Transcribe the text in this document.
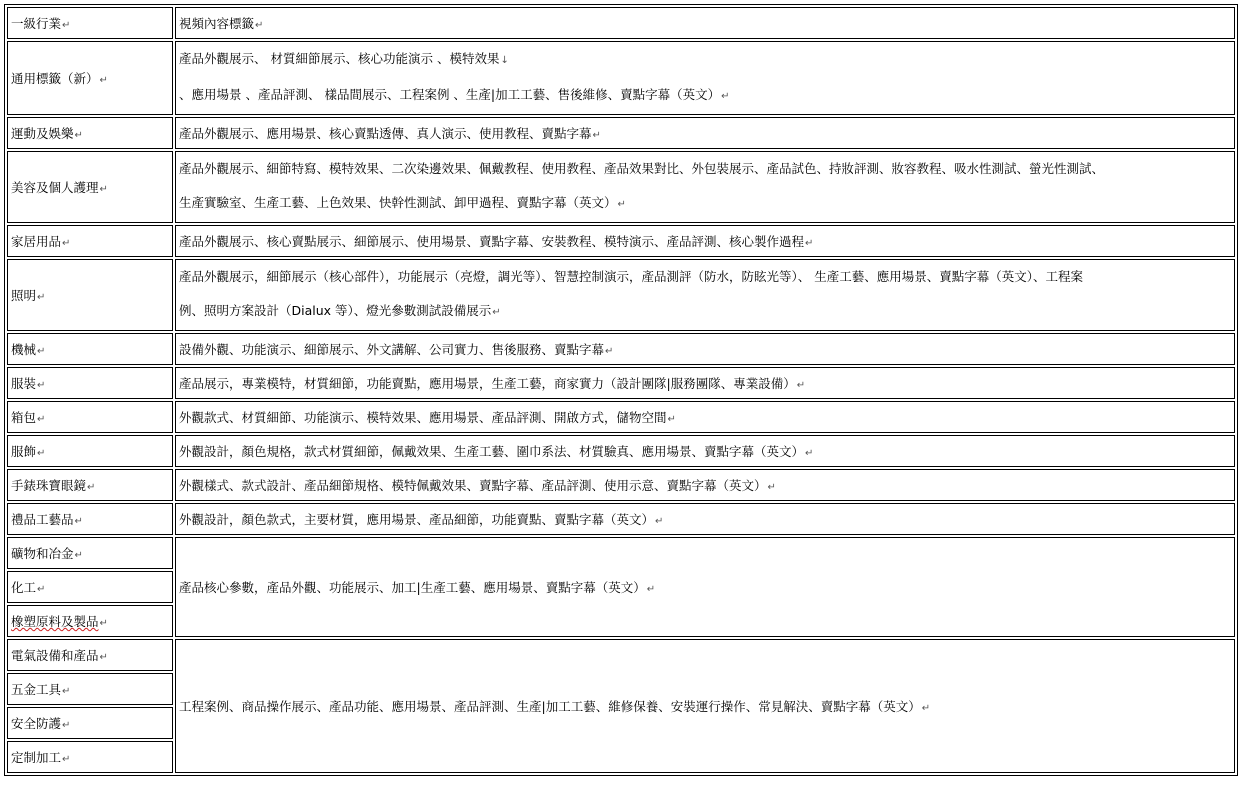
一級行業↵	視頻內容標籤↵
通用標籤（新）↵	產品外觀展示、 材質細節展示、核心功能演示 、模特效果↓
、應用場景 、產品評測、 樣品間展示、工程案例 、生產|加工工藝、售後維修、賣點字幕（英文）↵

運動及娛樂↵	產品外觀展示、應用場景、核心賣點透傳、真人演示、使用教程、賣點字幕↵
美容及個人護理↵	產品外觀展示、細節特寫、模特效果、二次染邊效果、佩戴教程、使用教程、產品效果對比、外包裝展示、產品試色、持妝評測、妝容教程、吸水性測試、螢光性測試、
生產實驗室、生產工藝、上色效果、快幹性測試、卸甲過程、賣點字幕（英文）↵

家居用品↵	產品外觀展示、核心賣點展示、細節展示、使用場景、賣點字幕、安裝教程、模特演示、產品評測、核心製作過程↵
照明↵	產品外觀展示，細節展示（核心部件），功能展示（亮燈，調光等）、智慧控制演示，產品測評（防水，防眩光等）、 生產工藝、應用場景、賣點字幕（英文）、工程案
例、照明方案設計（Dialux 等）、燈光參數測試設備展示↵

機械↵	設備外觀、功能演示、細節展示、外文講解、公司實力、售後服務、賣點字幕↵
服裝↵	產品展示，專業模特，材質細節，功能賣點，應用場景，生產工藝，商家實力（設計團隊|服務團隊、專業設備）↵
箱包↵	外觀款式、材質細節、功能演示、模特效果、應用場景、產品評測、開啟方式，儲物空間↵
服飾↵	外觀設計，顏色規格，款式材質細節，佩戴效果、生產工藝、圍巾系法、材質驗真、應用場景、賣點字幕（英文）↵
手錶珠寶眼鏡↵	外觀樣式、款式設計、產品細節規格、模特佩戴效果、賣點字幕、產品評測、使用示意、賣點字幕（英文）↵
禮品工藝品↵	外觀設計，顏色款式，主要材質，應用場景、產品細節，功能賣點、賣點字幕（英文）↵
礦物和冶金↵	產品核心參數，產品外觀、功能展示、加工|生產工藝、應用場景、賣點字幕（英文）↵
化工↵	
橡塑原料及製品↵	
電氣設備和產品↵	工程案例、商品操作展示、產品功能、應用場景、產品評測、生產|加工工藝、維修保養、安裝運行操作、常見解決、賣點字幕（英文）↵
五金工具↵	
安全防護↵	
定制加工↵	
